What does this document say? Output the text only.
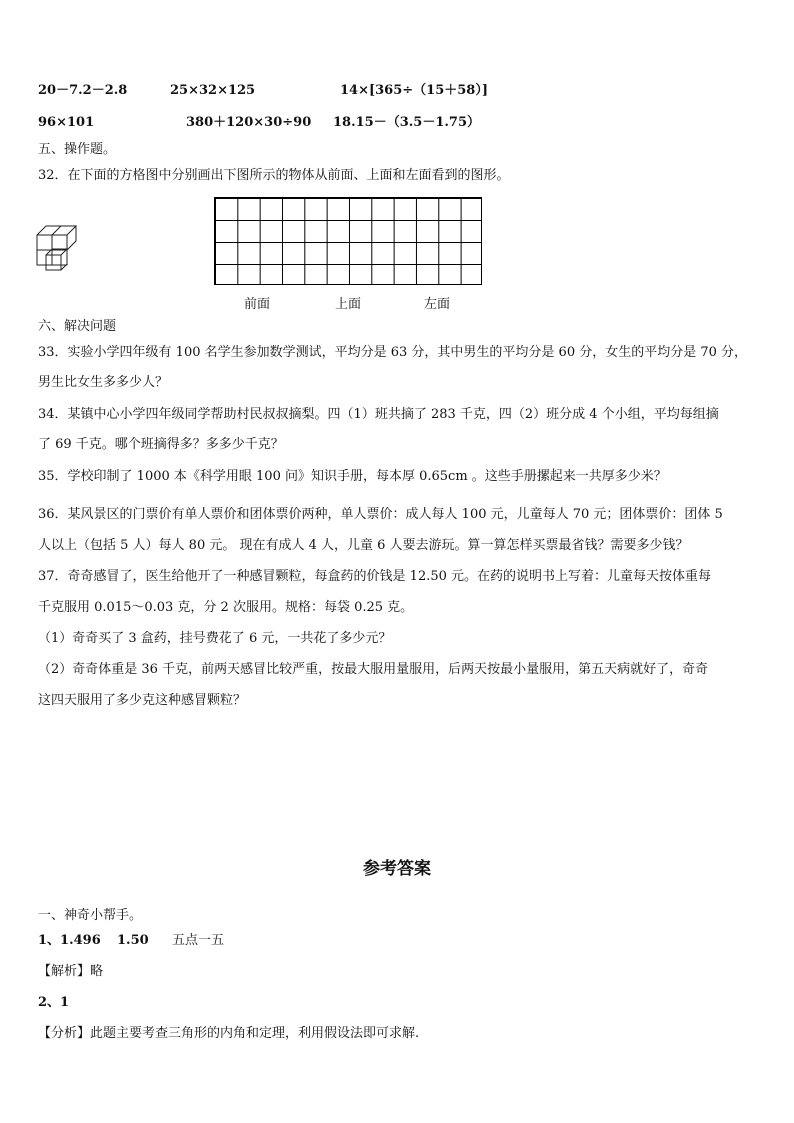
20－7.2－2.8	25×32×125	14×[365÷（15＋58）]
96×101	380＋120×30÷90 18.15－（3.5－1.75）
五、操作题。
32．在下面的方格图中分别画出下图所示的物体从前面、上面和左面看到的图形。
前面	上面	左面
六、解决问题
33．实验小学四年级有 100 名学生参加数学测试，平均分是 63 分，其中男生的平均分是 60 分，女生的平均分是 70 分，
男生比女生多多少人？
34．某镇中心小学四年级同学帮助村民叔叔摘梨。四（1）班共摘了 283 千克，四（2）班分成 4 个小组，平均每组摘
了 69 千克。哪个班摘得多？多多少千克？
35．学校印制了 1000 本《科学用眼 100 问》知识手册，每本厚 0.65cm 。这些手册摞起来一共厚多少米？
36．某风景区的门票价有单人票价和团体票价两种，单人票价：成人每人 100 元，儿童每人 70 元；团体票价：团体 5
人以上（包括 5 人）每人 80 元。 现在有成人 4 人，儿童 6 人要去游玩。算一算怎样买票最省钱？需要多少钱？
37．奇奇感冒了，医生给他开了一种感冒颗粒，每盒药的价钱是 12.50 元。在药的说明书上写着：儿童每天按体重每
千克服用 0.015～0.03 克，分 2 次服用。规格：每袋 0.25 克。
（1）奇奇买了 3 盒药，挂号费花了 6 元，一共花了多少元？
（2）奇奇体重是 36 千克，前两天感冒比较严重，按最大服用量服用，后两天按最小量服用，第五天病就好了，奇奇
这四天服用了多少克这种感冒颗粒？
参考答案
一、神奇小帮手。
1、1.496 1.50 五点一五
【解析】略
2、1
【分析】此题主要考查三角形的内角和定理，利用假设法即可求解.
